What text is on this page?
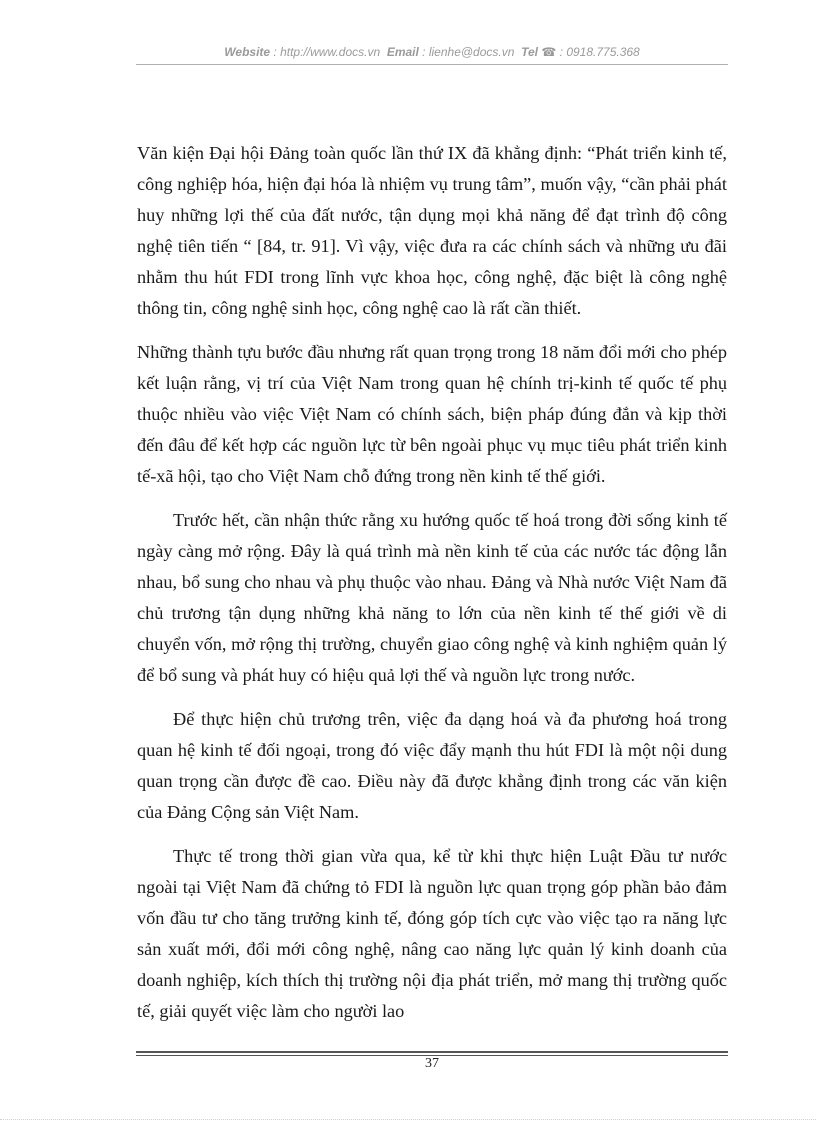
Website : http://www.docs.vn Email : lienhe@docs.vn Tel ☎ : 0918.775.368

Văn kiện Đại hội Đảng toàn quốc lần thứ IX đã khẳng định: “Phát triển kinh tế, công nghiệp hóa, hiện đại hóa là nhiệm vụ trung tâm”, muốn vậy, “cần phải phát huy những lợi thế của đất nước, tận dụng mọi khả năng để đạt trình độ công nghệ tiên tiến “ [84, tr. 91]. Vì vậy, việc đưa ra các chính sách và những ưu đãi nhằm thu hút FDI trong lĩnh vực khoa học, công nghệ, đặc biệt là công nghệ thông tin, công nghệ sinh học, công nghệ cao là rất cần thiết.

Những thành tựu bước đầu nhưng rất quan trọng trong 18 năm đổi mới cho phép kết luận rằng, vị trí của Việt Nam trong quan hệ chính trị-kinh tế quốc tế phụ thuộc nhiều vào việc Việt Nam có chính sách, biện pháp đúng đắn và kịp thời đến đâu để kết hợp các nguồn lực từ bên ngoài phục vụ mục tiêu phát triển kinh tế-xã hội, tạo cho Việt Nam chỗ đứng trong nền kinh tế thế giới.

Trước hết, cần nhận thức rằng xu hướng quốc tế hoá trong đời sống kinh tế ngày càng mở rộng. Đây là quá trình mà nền kinh tế của các nước tác động lẫn nhau, bổ sung cho nhau và phụ thuộc vào nhau. Đảng và Nhà nước Việt Nam đã chủ trương tận dụng những khả năng to lớn của nền kinh tế thế giới về di chuyển vốn, mở rộng thị trường, chuyển giao công nghệ và kinh nghiệm quản lý để bổ sung và phát huy có hiệu quả lợi thế và nguồn lực trong nước.

Để thực hiện chủ trương trên, việc đa dạng hoá và đa phương hoá trong quan hệ kinh tế đối ngoại, trong đó việc đẩy mạnh thu hút FDI là một nội dung quan trọng cần được đề cao. Điều này đã được khẳng định trong các văn kiện của Đảng Cộng sản Việt Nam.

Thực tế trong thời gian vừa qua, kể từ khi thực hiện Luật Đầu tư nước ngoài tại Việt Nam đã chứng tỏ FDI là nguồn lực quan trọng góp phần bảo đảm vốn đầu tư cho tăng trưởng kinh tế, đóng góp tích cực vào việc tạo ra năng lực sản xuất mới, đổi mới công nghệ, nâng cao năng lực quản lý kinh doanh của doanh nghiệp, kích thích thị trường nội địa phát triển, mở mang thị trường quốc tế, giải quyết việc làm cho người lao

37
